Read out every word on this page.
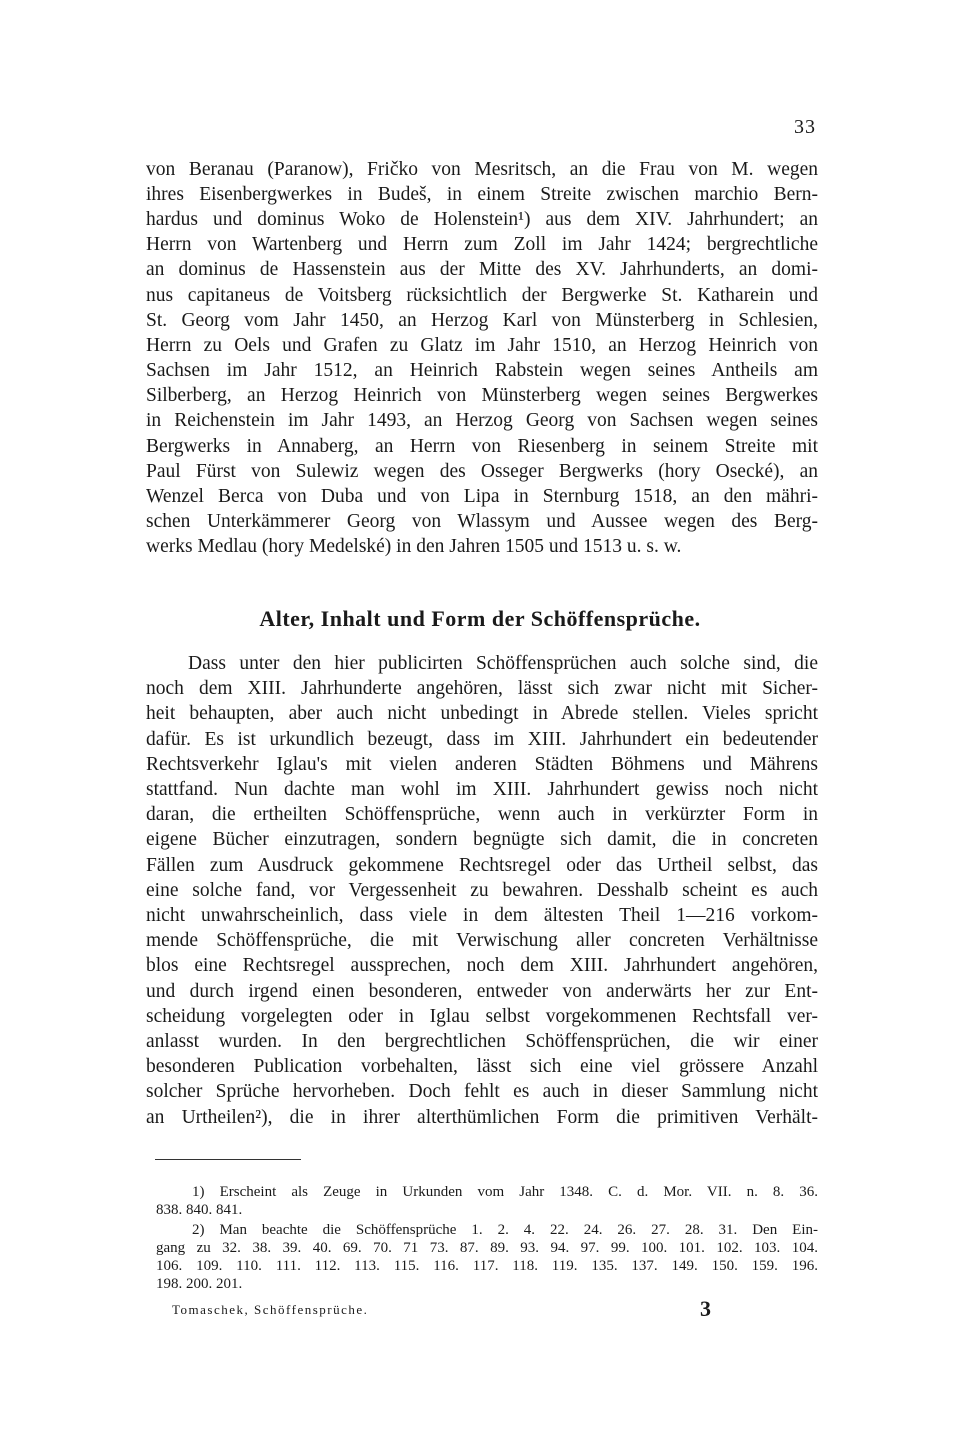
33
von Beranau (Paranow), Fričko von Mesritsch, an die Frau von M. wegen
ihres Eisenbergwerkes in Budeš, in einem Streite zwischen marchio Bern-
hardus und dominus Woko de Holenstein¹) aus dem XIV. Jahrhundert; an
Herrn von Wartenberg und Herrn zum Zoll im Jahr 1424; bergrechtliche
an dominus de Hassenstein aus der Mitte des XV. Jahrhunderts, an domi-
nus capitaneus de Voitsberg rücksichtlich der Bergwerke St. Katharein und
St. Georg vom Jahr 1450, an Herzog Karl von Münsterberg in Schlesien,
Herrn zu Oels und Grafen zu Glatz im Jahr 1510, an Herzog Heinrich von
Sachsen im Jahr 1512, an Heinrich Rabstein wegen seines Antheils am
Silberberg, an Herzog Heinrich von Münsterberg wegen seines Bergwerkes
in Reichenstein im Jahr 1493, an Herzog Georg von Sachsen wegen seines
Bergwerks in Annaberg, an Herrn von Riesenberg in seinem Streite mit
Paul Fürst von Sulewiz wegen des Osseger Bergwerks (hory Osecké), an
Wenzel Berca von Duba und von Lipa in Sternburg 1518, an den mähri-
schen Unterkämmerer Georg von Wlassym und Aussee wegen des Berg-
werks Medlau (hory Medelské) in den Jahren 1505 und 1513 u. s. w.
Alter, Inhalt und Form der Schöffensprüche.
Dass unter den hier publicirten Schöffensprüchen auch solche sind, die
noch dem XIII. Jahrhunderte angehören, lässt sich zwar nicht mit Sicher-
heit behaupten, aber auch nicht unbedingt in Abrede stellen. Vieles spricht
dafür. Es ist urkundlich bezeugt, dass im XIII. Jahrhundert ein bedeutender
Rechtsverkehr Iglau's mit vielen anderen Städten Böhmens und Mährens
stattfand. Nun dachte man wohl im XIII. Jahrhundert gewiss noch nicht
daran, die ertheilten Schöffensprüche, wenn auch in verkürzter Form in
eigene Bücher einzutragen, sondern begnügte sich damit, die in concreten
Fällen zum Ausdruck gekommene Rechtsregel oder das Urtheil selbst, das
eine solche fand, vor Vergessenheit zu bewahren. Desshalb scheint es auch
nicht unwahrscheinlich, dass viele in dem ältesten Theil 1—216 vorkom-
mende Schöffensprüche, die mit Verwischung aller concreten Verhältnisse
blos eine Rechtsregel aussprechen, noch dem XIII. Jahrhundert angehören,
und durch irgend einen besonderen, entweder von anderwärts her zur Ent-
scheidung vorgelegten oder in Iglau selbst vorgekommenen Rechtsfall ver-
anlasst wurden. In den bergrechtlichen Schöffensprüchen, die wir einer
besonderen Publication vorbehalten, lässt sich eine viel grössere Anzahl
solcher Sprüche hervorheben. Doch fehlt es auch in dieser Sammlung nicht
an Urtheilen²), die in ihrer alterthümlichen Form die primitiven Verhält-
1) Erscheint als Zeuge in Urkunden vom Jahr 1348. C. d. Mor. VII. n. 8. 36.
838. 840. 841.
2) Man beachte die Schöffensprüche 1. 2. 4. 22. 24. 26. 27. 28. 31. Den Ein-
gang zu 32. 38. 39. 40. 69. 70. 71 73. 87. 89. 93. 94. 97. 99. 100. 101. 102. 103. 104.
106. 109. 110. 111. 112. 113. 115. 116. 117. 118. 119. 135. 137. 149. 150. 159. 196.
198. 200. 201.
Tomaschek, Schöffensprüche.	3
